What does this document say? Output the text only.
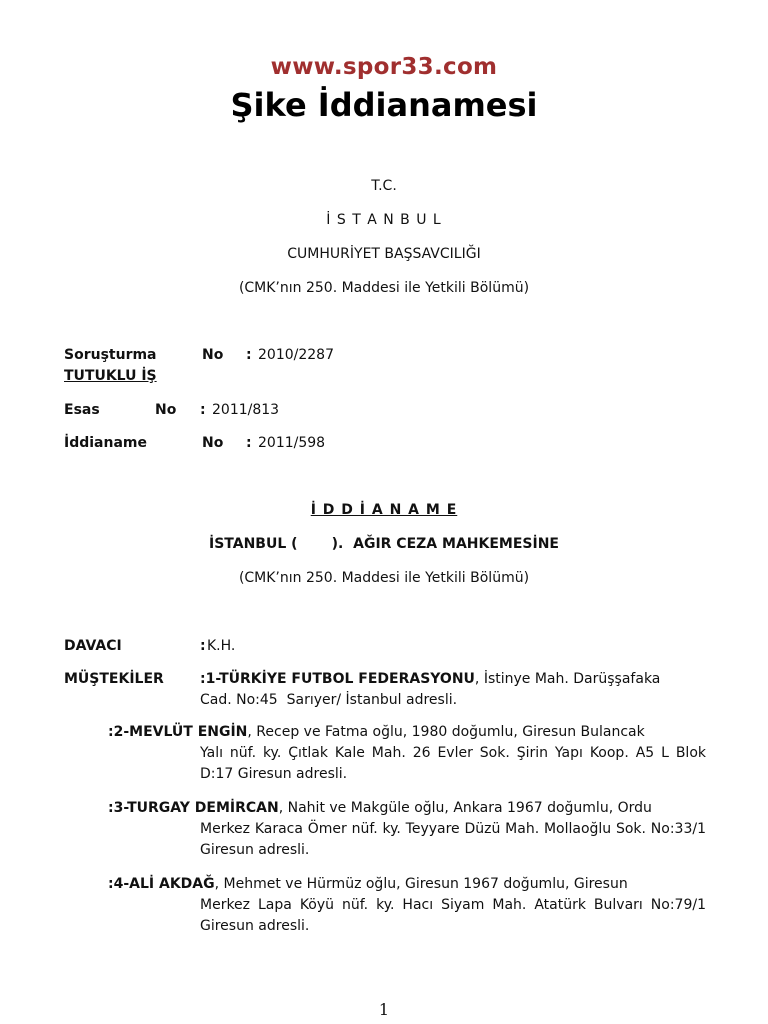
www.spor33.com
Şike İddianamesi
T.C.
İ S T A N B U L
CUMHURİYET BAŞSAVCILIĞI
(CMK’nın 250. Maddesi ile Yetkili Bölümü)
Soruşturma	No : 2010/2287
TUTUKLU İŞ
Esas	No : 2011/813
İddianame	No : 2011/598
İ D D İ A N A M E
İSTANBUL (       ).  AĞIR CEZA MAHKEMESİNE
(CMK’nın 250. Maddesi ile Yetkili Bölümü)
DAVACI	: K.H.
MÜŞTEKİLER	:1-TÜRKİYE FUTBOL FEDERASYONU, İstinye Mah. Darüşşafaka
Cad. No:45  Sarıyer/ İstanbul adresli.
:2-MEVLÜT ENGİN, Recep ve Fatma oğlu, 1980 doğumlu, Giresun Bulancak
Yalı nüf. ky. Çıtlak Kale Mah. 26 Evler Sok. Şirin Yapı Koop. A5 L Blok D:17 Giresun adresli.
:3-TURGAY DEMİRCAN, Nahit ve Makgüle oğlu, Ankara 1967 doğumlu, Ordu
Merkez Karaca Ömer nüf. ky. Teyyare Düzü Mah. Mollaoğlu Sok. No:33/1 Giresun adresli.
:4-ALİ AKDAĞ, Mehmet ve Hürmüz oğlu, Giresun 1967 doğumlu, Giresun
Merkez Lapa Köyü nüf. ky. Hacı Siyam Mah. Atatürk Bulvarı No:79/1 Giresun adresli.
1
